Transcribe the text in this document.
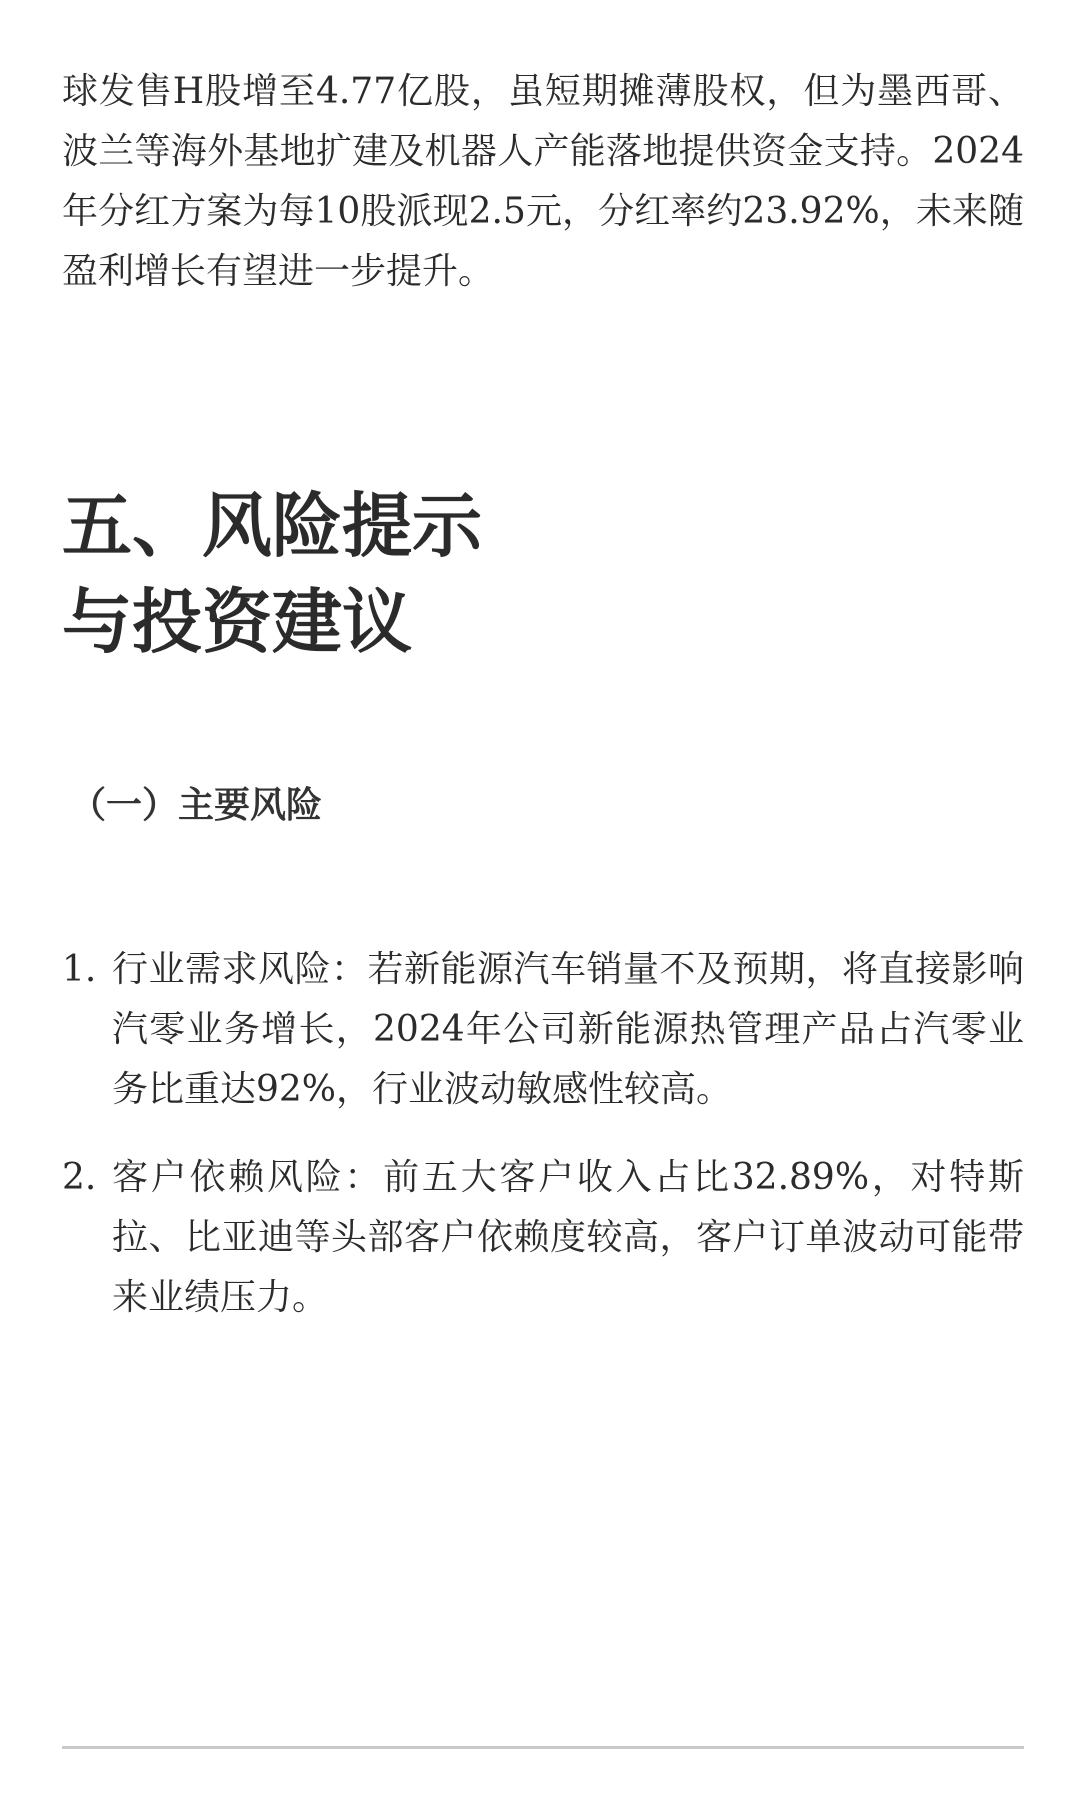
球发售H股增至4.77亿股，虽短期摊薄股权，但为墨西哥、波兰等海外基地扩建及机器人产能落地提供资金支持。2024年分红方案为每10股派现2.5元，分红率约23.92%，未来随盈利增长有望进一步提升。

五、风险提示
与投资建议
（一）主要风险
1. 行业需求风险：若新能源汽车销量不及预期，将直接影响汽零业务增长，2024年公司新能源热管理产品占汽零业务比重达92%，行业波动敏感性较高。
2. 客户依赖风险：前五大客户收入占比32.89%，对特斯拉、比亚迪等头部客户依赖度较高，客户订单波动可能带来业绩压力。
